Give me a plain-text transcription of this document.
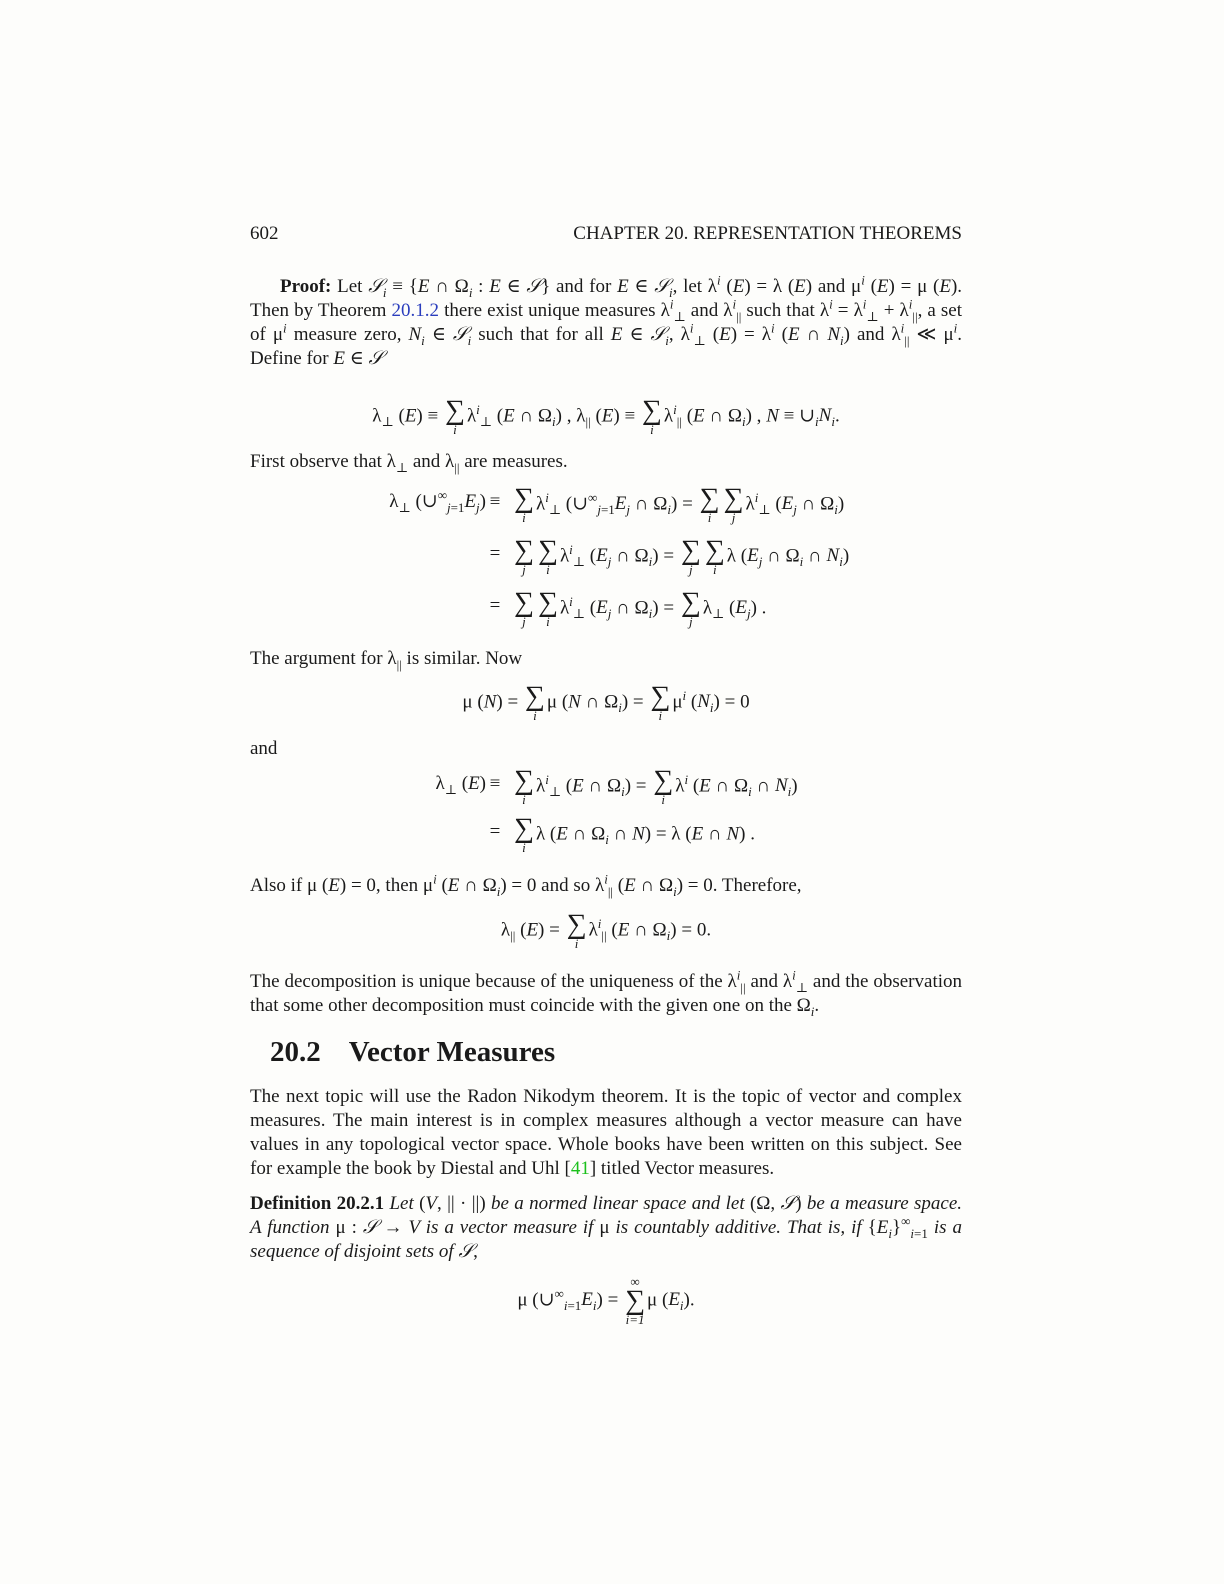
602	CHAPTER 20. REPRESENTATION THEOREMS
Proof: Let 𝒮$_i$ ≡ {E ∩ $\Omega_i$ : E ∈ 𝒮} and for E ∈ 𝒮$_i$, let $\lambda^i$ (E) = λ (E) and $\mu^i$ (E) = μ (E). Then by Theorem 20.1.2 there exist unique measures $\lambda^i_\perp$ and $\lambda^i_{||}$ such that $\lambda^i = \lambda^i_\perp + \lambda^i_{||}$, a set of $\mu^i$ measure zero, $N_i$ ∈ 𝒮$_i$ such that for all E ∈ 𝒮$_i$, $\lambda^i_\perp$ $(E) = \lambda^i$ (E ∩ $N_i$) and $\lambda^i_{||}$ ≪ $\mu^i$. Define for E ∈ 𝒮
$\lambda_\perp$ (E) ≡ ∑
i
$\lambda^i_\perp$ (E ∩ $\Omega_i$) , $\lambda_{||}$ (E) ≡ ∑
i
$\lambda^i_{||}$ (E ∩ $\Omega_i$) , $N \equiv \cup_iN_i$.
First observe that $\lambda_\perp$ and $\lambda_{||}$ are measures.
$\lambda_\perp$ $(\cup^\infty_{j=1}E_j)$ ≡ ∑
i
$\lambda^i_\perp$ ($\cup^\infty_{j=1}E_j$ ∩ $\Omega_i$) = ∑
i
∑
j
$\lambda^i_\perp$ ($E_j$ ∩ $\Omega_i$)
= ∑
j
∑
i
$\lambda^i_\perp$ ($E_j$ ∩ $\Omega_i$) = ∑
j
∑
i
λ ($E_j$ ∩ $\Omega_i$ ∩ $N_i$)
= ∑
j
∑
i
$\lambda^i_\perp$ ($E_j$ ∩ $\Omega_i$) = ∑
j
$\lambda_\perp$ $(E_j)$ .
The argument for $\lambda_{||}$ is similar. Now
μ (N) = ∑
i
μ (N ∩ $\Omega_i$) = ∑
i
$\mu^i$ $(N_i) = 0$
and
$\lambda_\perp$ (E) ≡ ∑
i
$\lambda^i_\perp$ (E ∩ $\Omega_i$) = ∑
i
$\lambda^i$ (E ∩ $\Omega_i$ ∩ $N_i$)
= ∑
i
λ (E ∩ $\Omega_i$ ∩ N) = λ (E ∩ N) .
Also if μ (E) = 0, then $\mu^i$ (E ∩ $\Omega_i) = 0$ and so $\lambda^i_{||}$ (E ∩ $\Omega_i) = 0$. Therefore,
$\lambda_{||}$ (E) = ∑
i
$\lambda^i_{||}$ (E ∩ $\Omega_i) = 0$.
The decomposition is unique because of the uniqueness of the $\lambda^i_{||}$ and $\lambda^i_\perp$ and the observation that some other decomposition must coincide with the given one on the $\Omega_i$.
20.2 Vector Measures
The next topic will use the Radon Nikodym theorem. It is the topic of vector and complex measures. The main interest is in complex measures although a vector measure can have values in any topological vector space. Whole books have been written on this subject. See for example the book by Diestal and Uhl [41] titled Vector measures.
Definition 20.2.1 Let (V, || · ||) be a normed linear space and let (Ω, 𝒮) be a measure space. A function μ : 𝒮 → V is a vector measure if μ is countably additive. That is, if $\{E_i\}^\infty_{i=1}$ is a sequence of disjoint sets of 𝒮,
μ $(\cup^\infty_{i=1}E_i)$ =
∞
∑
i=1
μ $(E_i)$.
